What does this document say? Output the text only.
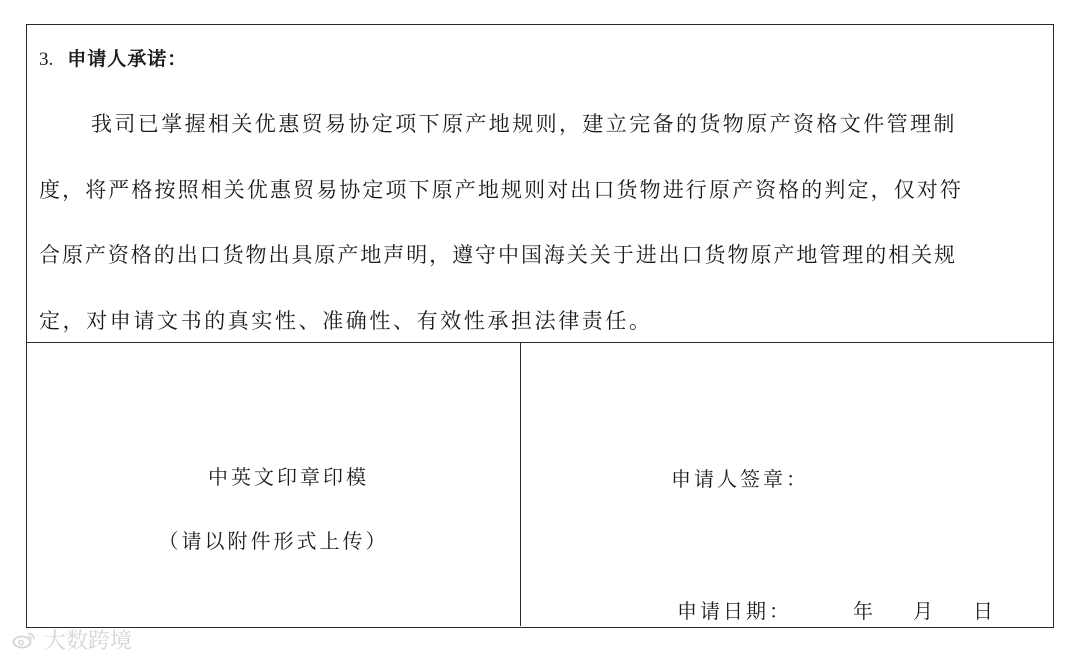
3. 申请人承诺：
我司已掌握相关优惠贸易协定项下原产地规则，建立完备的货物原产资格文件管理制
度，将严格按照相关优惠贸易协定项下原产地规则对出口货物进行原产资格的判定，仅对符
合原产资格的出口货物出具原产地声明，遵守中国海关关于进出口货物原产地管理的相关规
定，对申请文书的真实性、准确性、有效性承担法律责任。
中英文印章印模
（请以附件形式上传）
申请人签章：
申请日期：	年 月 日
大数跨境
